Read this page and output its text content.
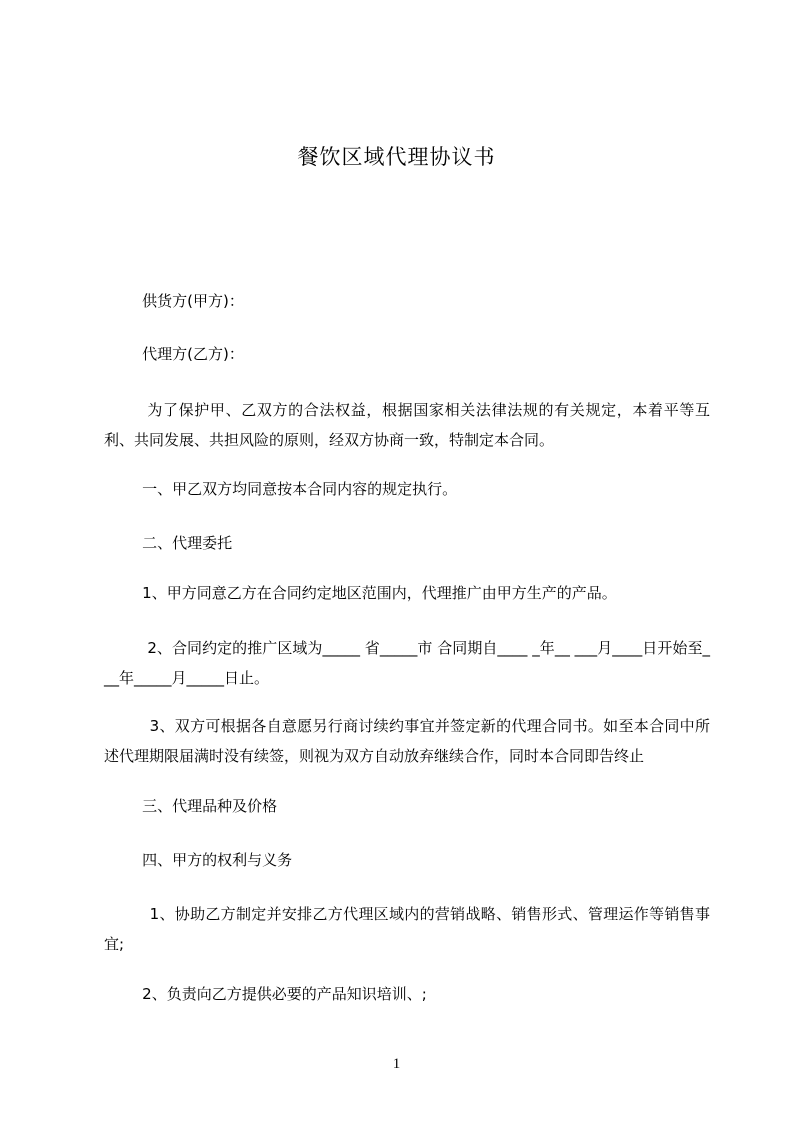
餐饮区域代理协议书
供货方(甲方)：
代理方(乙方)：
为了保护甲、乙双方的合法权益，根据国家相关法律法规的有关规定，本着平等互利、共同发展、共担风险的原则，经双方协商一致，特制定本合同。
一、甲乙双方均同意按本合同内容的规定执行。
二、代理委托
1、甲方同意乙方在合同约定地区范围内，代理推广由甲方生产的产品。
2、合同约定的推广区域为_____ 省_____市 合同期自____ _年__ ___月____日开始至_ __年_____月_____日止。
3、双方可根据各自意愿另行商讨续约事宜并签定新的代理合同书。如至本合同中所述代理期限届满时没有续签，则视为双方自动放弃继续合作，同时本合同即告终止
三、代理品种及价格
四、甲方的权利与义务
1、协助乙方制定并安排乙方代理区域内的营销战略、销售形式、管理运作等销售事宜;
2、负责向乙方提供必要的产品知识培训、;
1
